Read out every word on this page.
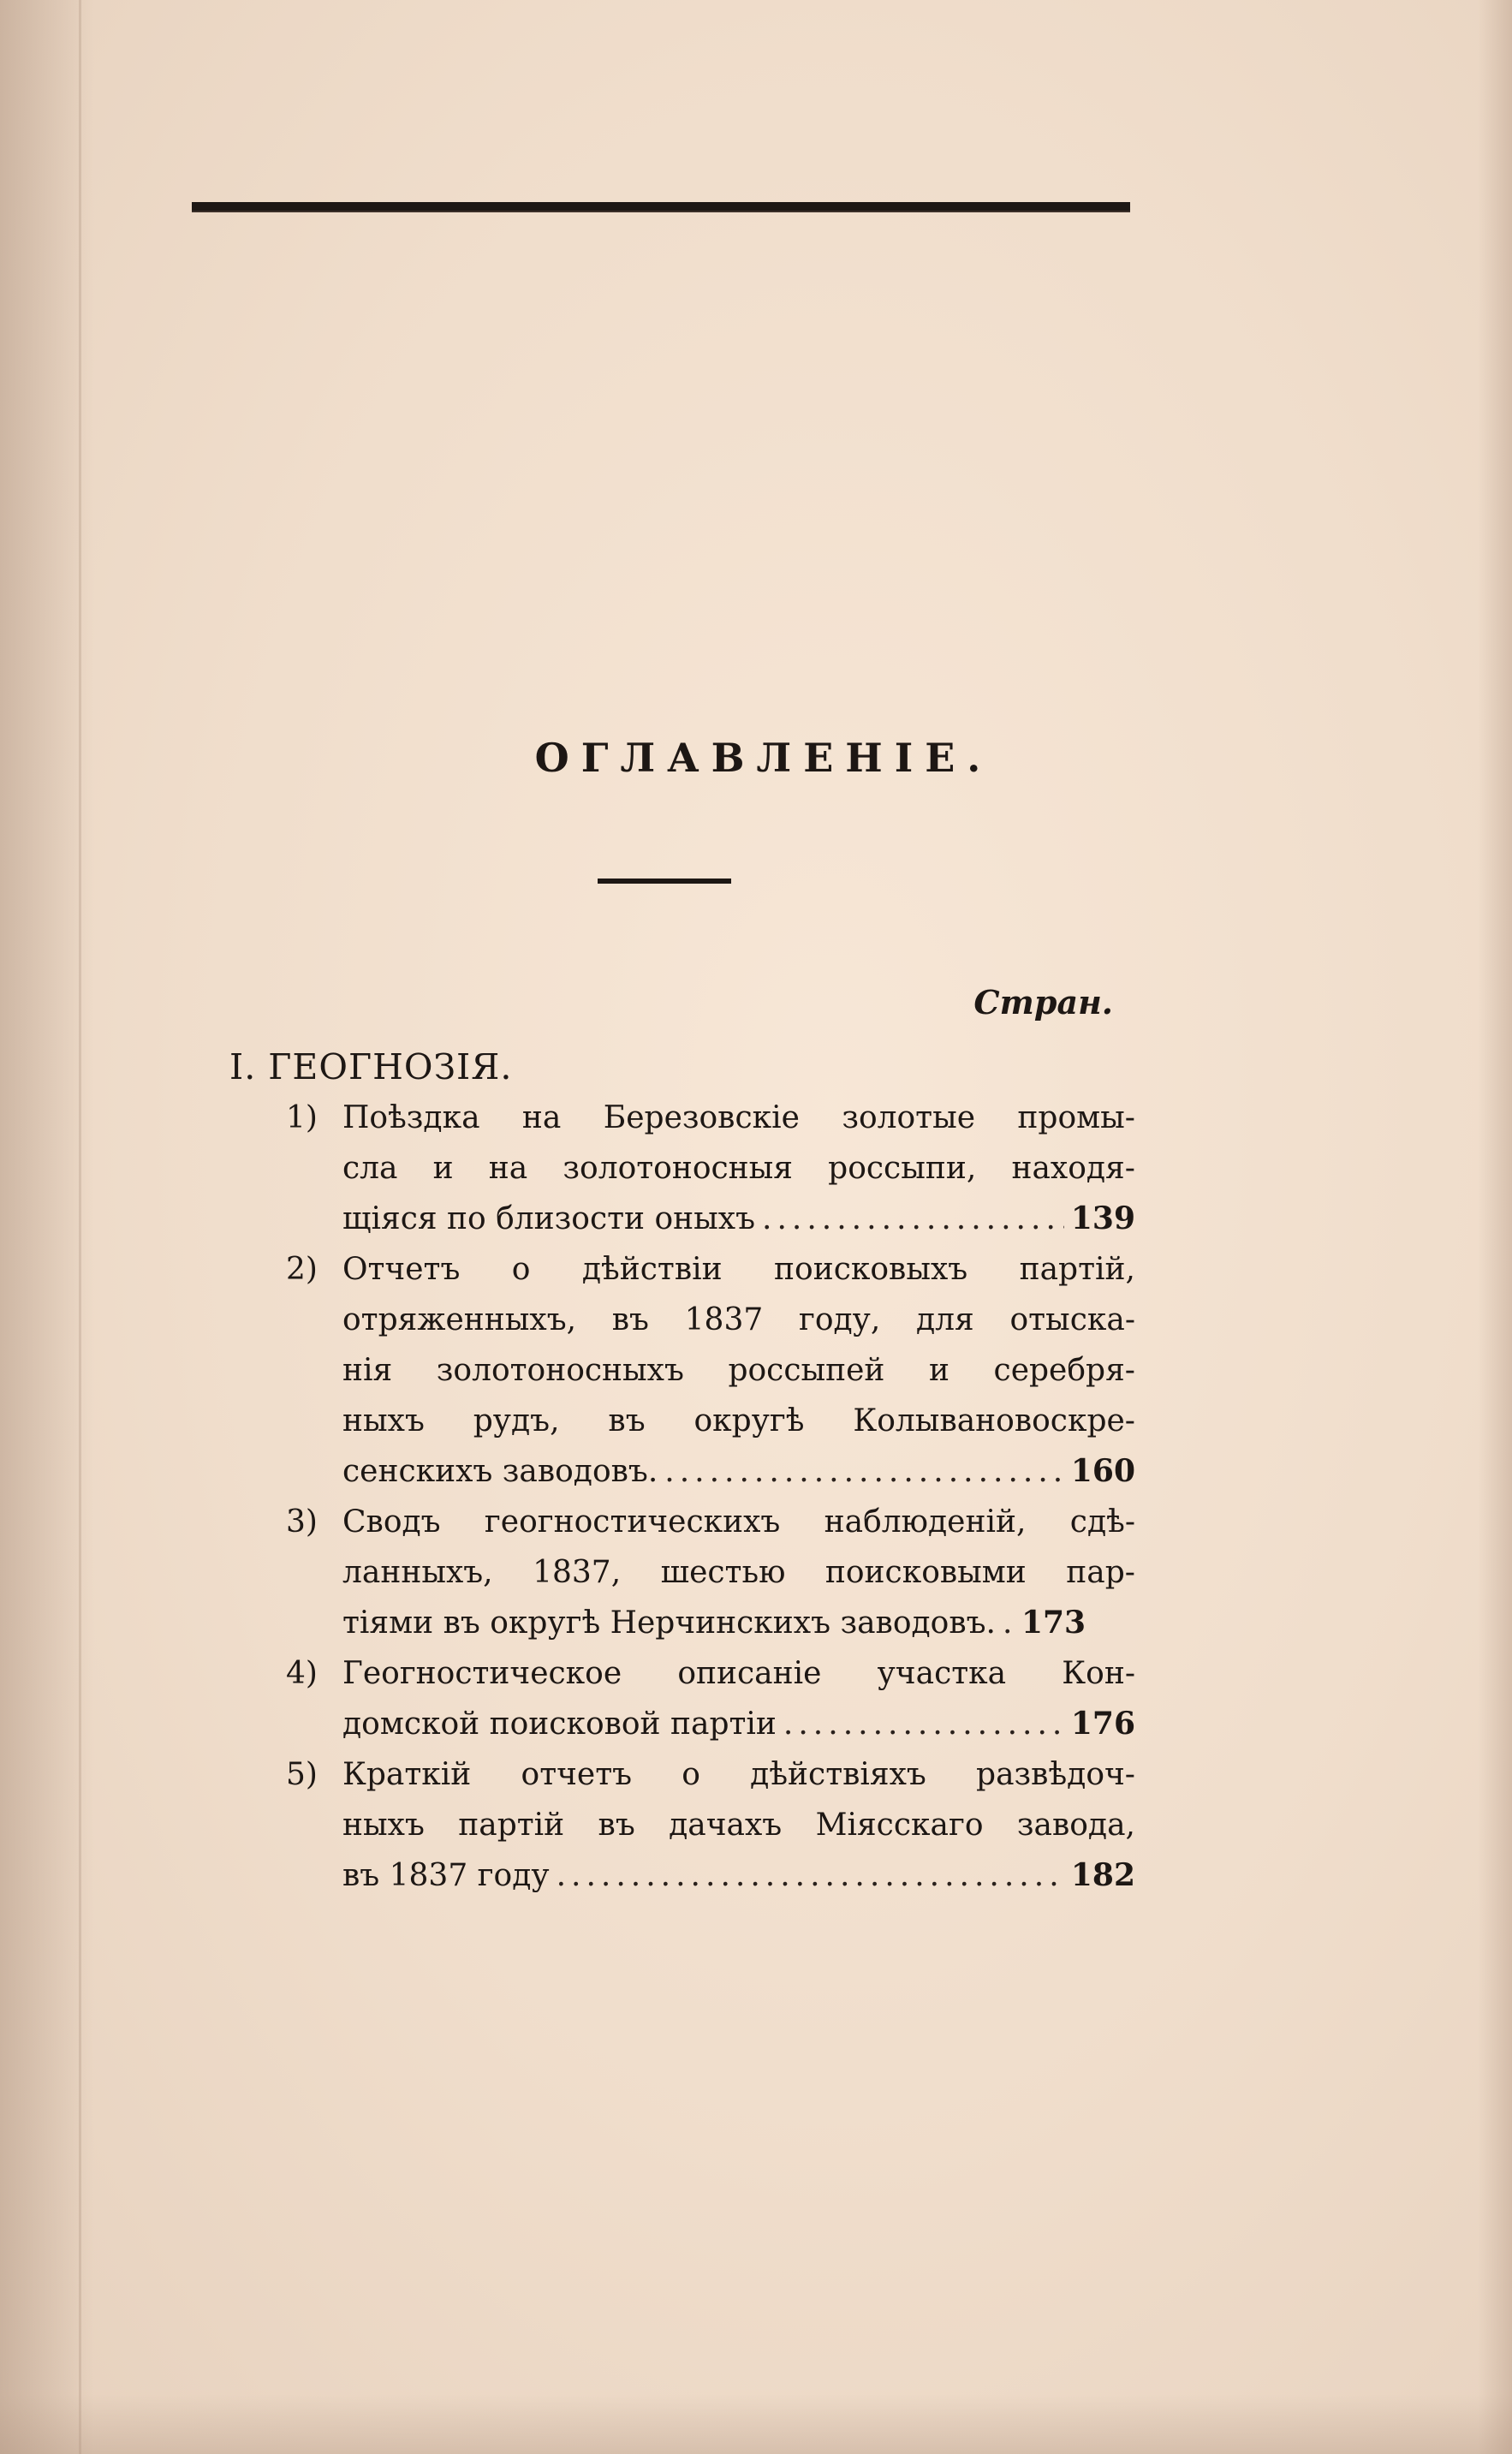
ОГЛАВЛЕНІЕ.
Стран.
I. ГЕОГНОЗІЯ.
1) Поѣздка на Березовскіе золотые промы-
сла и на золотоносныя россыпи, находя-
щіяся по близости оныхъ .....	139
2) Отчетъ о дѣйствіи поисковыхъ партій,
отряженныхъ, въ 1837 году, для отыска-
нія золотоносныхъ россыпей и серебря-
ныхъ рудъ, въ округѣ Колывановоскре-
сенскихъ заводовъ. .....	160
3) Сводъ геогностическихъ наблюденій, сдѣ-
ланныхъ, 1837, шестью поисковыми пар-
тіями въ округѣ Нерчинскихъ заводовъ. ..... 173
4) Геогностическое описаніе участка Кон-
домской поисковой партіи .....	176
5) Краткій отчетъ о дѣйствіяхъ развѣдоч-
ныхъ партій въ дачахъ Міясскаго завода,
въ 1837 году .....	182
